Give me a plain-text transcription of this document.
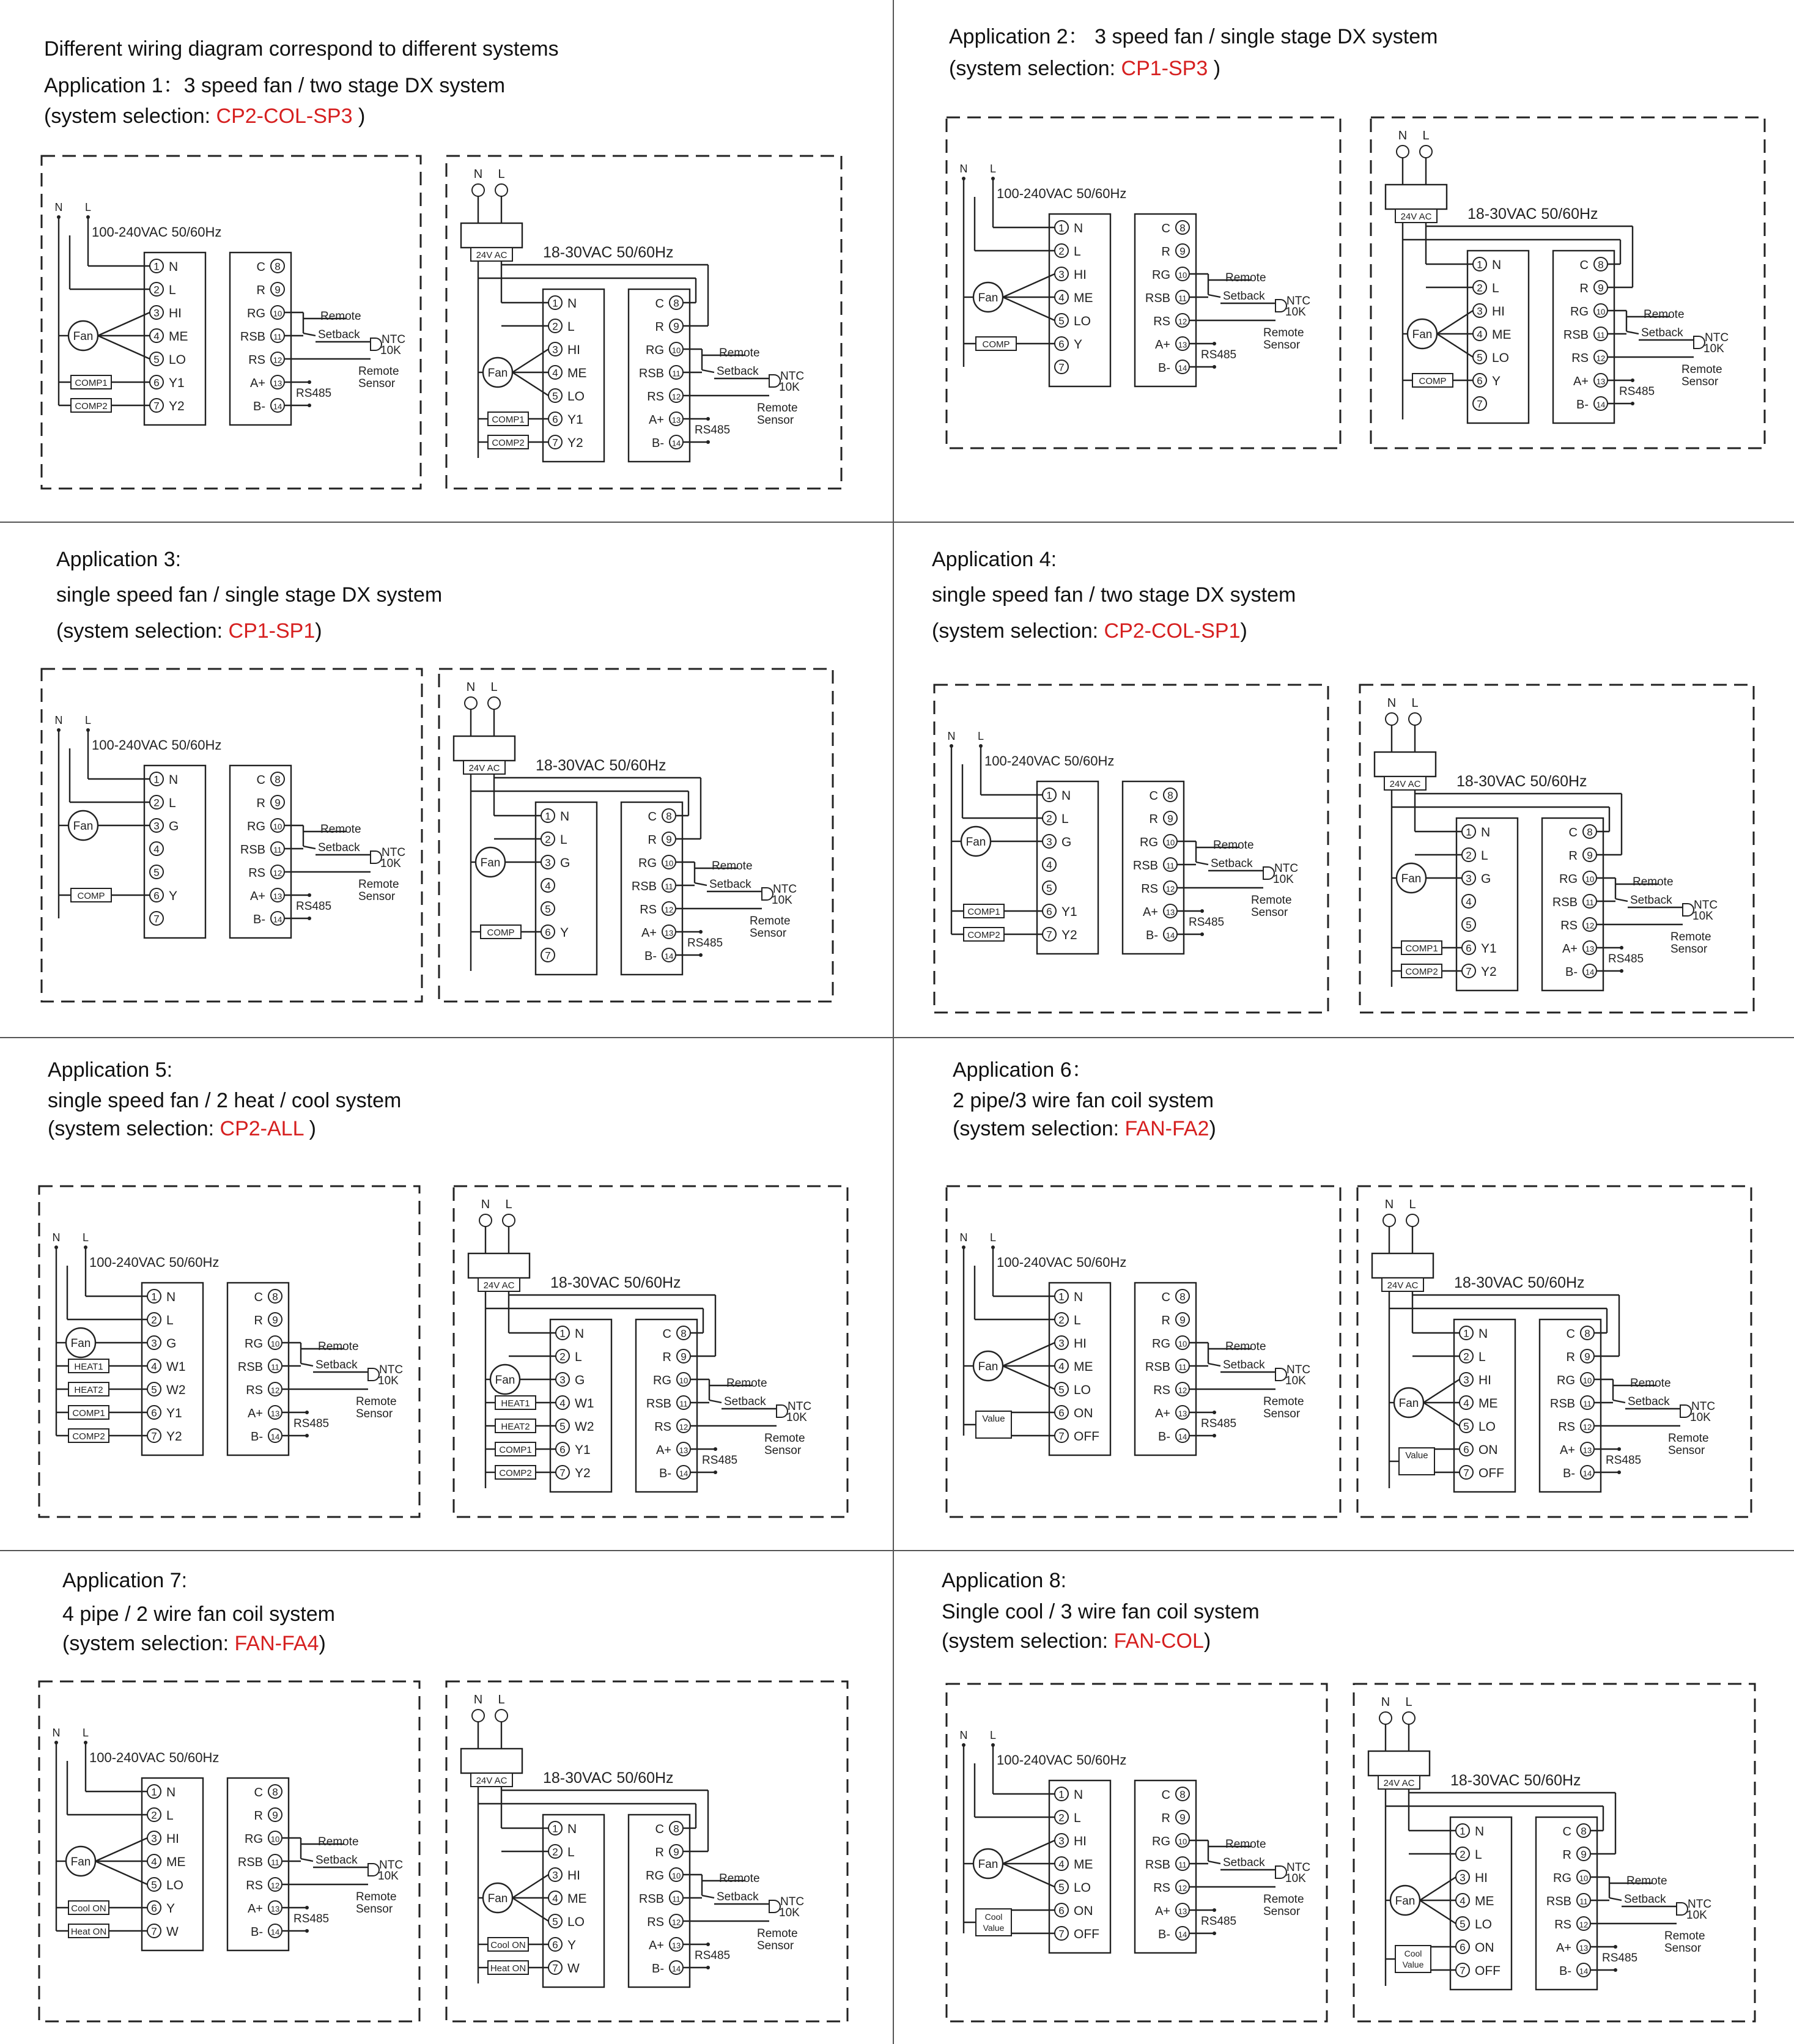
Different wiring diagram correspond to different systems
Application 1：3 speed fan / two stage DX system
(system selection: CP2-COL-SP3 )
N L
100-240VAC 50/60Hz
1 N
2 L
3 HI
4 ME
5 LO
6 Y1
7 Y2
Fan
COMP1
COMP2
C 8
R 9
RG 10
RSB 11
RS 12
A+ 13
B- 14
Remote
Setback NTC
10K
Remote
Sensor
RS485
N L
24V AC 18-30VAC 50/60Hz
1 N
2 L
3 HI
4 ME
5 LO
6 Y1
7 Y2
Fan
COMP1
COMP2
C 8
R 9
RG 10
RSB 11
RS 12
A+ 13
B- 14
Remote
Setback NTC
10K
Remote
Sensor
RS485
Application 2： 3 speed fan / single stage DX system
(system selection: CP1-SP3 )
N L
100-240VAC 50/60Hz
1 N
2 L
3 HI
4 ME
5 LO
6 Y
7
Fan
COMP
C 8
R 9
RG 10
RSB 11
RS 12
A+ 13
B- 14
Remote
Setback NTC
10K
Remote
Sensor
RS485
N L
24V AC 18-30VAC 50/60Hz
1 N
2 L
3 HI
4 ME
5 LO
6 Y
7
Fan
COMP
C 8
R 9
RG 10
RSB 11
RS 12
A+ 13
B- 14
Remote
Setback NTC
10K
Remote
Sensor
RS485
Application 3:
single speed fan / single stage DX system
(system selection: CP1-SP1)
N L
100-240VAC 50/60Hz
1 N
2 L
3 G
4
5
6 Y
7
Fan
COMP
C 8
R 9
RG 10
RSB 11
RS 12
A+ 13
B- 14
Remote
Setback NTC
10K
Remote
Sensor
RS485
N L
24V AC 18-30VAC 50/60Hz
1 N
2 L
3 G
4
5
6 Y
7
Fan
COMP
C 8
R 9
RG 10
RSB 11
RS 12
A+ 13
B- 14
Remote
Setback NTC
10K
Remote
Sensor
RS485
Application 4:
single speed fan / two stage DX system
(system selection: CP2-COL-SP1)
N L
100-240VAC 50/60Hz
1 N
2 L
3 G
4
5
6 Y1
7 Y2
Fan
COMP1
COMP2
C 8
R 9
RG 10
RSB 11
RS 12
A+ 13
B- 14
Remote
Setback NTC
10K
Remote
Sensor
RS485
N L
24V AC 18-30VAC 50/60Hz
1 N
2 L
3 G
4
5
6 Y1
7 Y2
Fan
COMP1
COMP2
C 8
R 9
RG 10
RSB 11
RS 12
A+ 13
B- 14
Remote
Setback NTC
10K
Remote
Sensor
RS485
Application 5:
single speed fan / 2 heat / cool system
(system selection: CP2-ALL )
N L
100-240VAC 50/60Hz
1 N
2 L
3 G
4 W1
5 W2
6 Y1
7 Y2
Fan
HEAT1
HEAT2
COMP1
COMP2
C 8
R 9
RG 10
RSB 11
RS 12
A+ 13
B- 14
Remote
Setback NTC
10K
Remote
Sensor
RS485
N L
24V AC 18-30VAC 50/60Hz
1 N
2 L
3 G
4 W1
5 W2
6 Y1
7 Y2
Fan
HEAT1
HEAT2
COMP1
COMP2
C 8
R 9
RG 10
RSB 11
RS 12
A+ 13
B- 14
Remote
Setback NTC
10K
Remote
Sensor
RS485
Application 6：
2 pipe/3 wire fan coil system
(system selection: FAN-FA2)
N L
100-240VAC 50/60Hz
1 N
2 L
3 HI
4 ME
5 LO
6 ON
7 OFF
Fan
Value
C 8
R 9
RG 10
RSB 11
RS 12
A+ 13
B- 14
Remote
Setback NTC
10K
Remote
Sensor
RS485
N L
24V AC 18-30VAC 50/60Hz
1 N
2 L
3 HI
4 ME
5 LO
6 ON
7 OFF
Fan
Value
C 8
R 9
RG 10
RSB 11
RS 12
A+ 13
B- 14
Remote
Setback NTC
10K
Remote
Sensor
RS485
Application 7:
4 pipe / 2 wire fan coil system
(system selection: FAN-FA4)
N L
100-240VAC 50/60Hz
1 N
2 L
3 HI
4 ME
5 LO
6 Y
7 W
Fan
Cool ON
Heat ON
C 8
R 9
RG 10
RSB 11
RS 12
A+ 13
B- 14
Remote
Setback NTC
10K
Remote
Sensor
RS485
N L
24V AC 18-30VAC 50/60Hz
1 N
2 L
3 HI
4 ME
5 LO
6 Y
7 W
Fan
Cool ON
Heat ON
C 8
R 9
RG 10
RSB 11
RS 12
A+ 13
B- 14
Remote
Setback NTC
10K
Remote
Sensor
RS485
Application 8:
Single cool / 3 wire fan coil system
(system selection: FAN-COL)
N L
100-240VAC 50/60Hz
1 N
2 L
3 HI
4 ME
5 LO
6 ON
7 OFF
Fan
Cool
Value
C 8
R 9
RG 10
RSB 11
RS 12
A+ 13
B- 14
Remote
Setback NTC
10K
Remote
Sensor
RS485
N L
24V AC 18-30VAC 50/60Hz
1 N
2 L
3 HI
4 ME
5 LO
6 ON
7 OFF
Fan
Cool
Value
C 8
R 9
RG 10
RSB 11
RS 12
A+ 13
B- 14
Remote
Setback NTC
10K
Remote
Sensor
RS485
